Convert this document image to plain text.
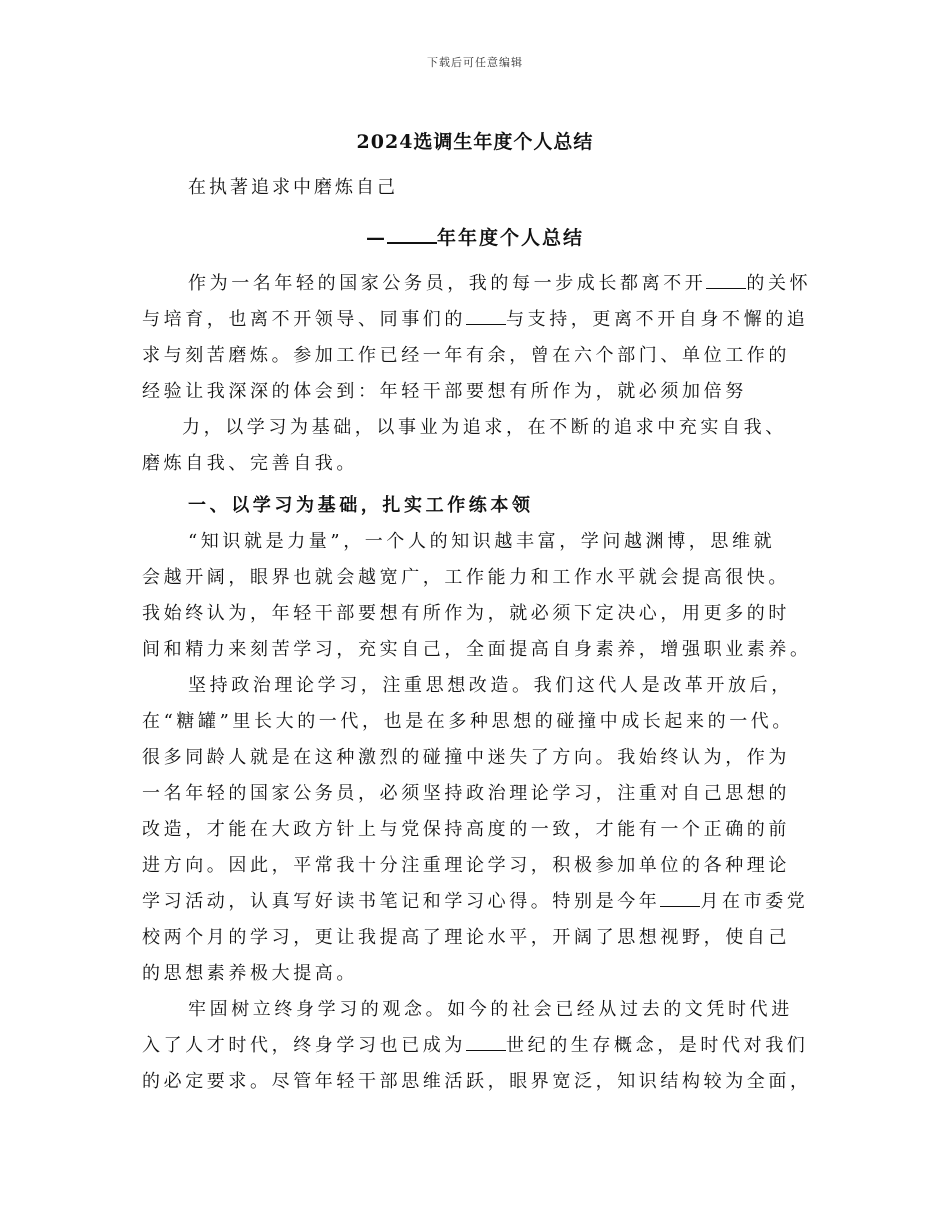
下载后可任意编辑
2024选调生年度个人总结
在执著追求中磨炼自己
—	年年度个人总结
作为一名年轻的国家公务员，我的每一步成长都离不开 的关怀
与培育，也离不开领导、同事们的 与支持，更离不开自身不懈的追
求与刻苦磨炼。参加工作已经一年有余，曾在六个部门、单位工作的
经验让我深深的体会到：年轻干部要想有所作为，就必须加倍努
力，以学习为基础，以事业为追求，在不断的追求中充实自我、
磨炼自我、完善自我。
一、以学习为基础，扎实工作练本领
“知识就是力量”，一个人的知识越丰富，学问越渊博，思维就
会越开阔，眼界也就会越宽广，工作能力和工作水平就会提高很快。
我始终认为，年轻干部要想有所作为，就必须下定决心，用更多的时
间和精力来刻苦学习，充实自己，全面提高自身素养，增强职业素养。
坚持政治理论学习，注重思想改造。我们这代人是改革开放后，
在“糖罐”里长大的一代，也是在多种思想的碰撞中成长起来的一代。
很多同龄人就是在这种激烈的碰撞中迷失了方向。我始终认为，作为
一名年轻的国家公务员，必须坚持政治理论学习，注重对自己思想的
改造，才能在大政方针上与党保持高度的一致，才能有一个正确的前
进方向。因此，平常我十分注重理论学习，积极参加单位的各种理论
学习活动，认真写好读书笔记和学习心得。特别是今年 月在市委党
校两个月的学习，更让我提高了理论水平，开阔了思想视野，使自己
的思想素养极大提高。
牢固树立终身学习的观念。如今的社会已经从过去的文凭时代进
入了人才时代，终身学习也已成为 世纪的生存概念，是时代对我们
的必定要求。尽管年轻干部思维活跃，眼界宽泛，知识结构较为全面，
